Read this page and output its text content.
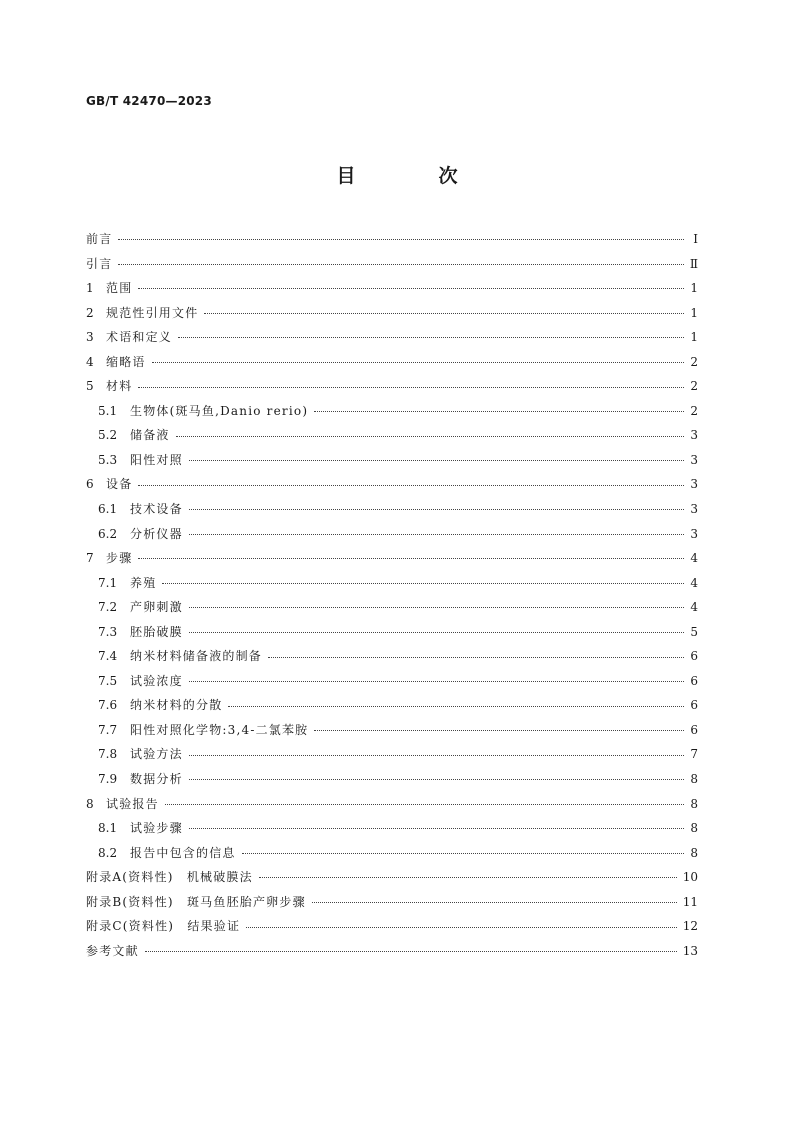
GB/T 42470—2023
目　次
前言	Ⅰ
引言	Ⅱ
1	范围	1
2	规范性引用文件	1
3	术语和定义	1
4	缩略语	2
5	材料	2
5.1	生物体(斑马鱼,Danio rerio)	2
5.2	储备液	3
5.3	阳性对照	3
6	设备	3
6.1	技术设备	3
6.2	分析仪器	3
7	步骤	4
7.1	养殖	4
7.2	产卵刺激	4
7.3	胚胎破膜	5
7.4	纳米材料储备液的制备	6
7.5	试验浓度	6
7.6	纳米材料的分散	6
7.7	阳性对照化学物:3,4-二氯苯胺	6
7.8	试验方法	7
7.9	数据分析	8
8	试验报告	8
8.1	试验步骤	8
8.2	报告中包含的信息	8
附录A(资料性)　机械破膜法	10
附录B(资料性)　斑马鱼胚胎产卵步骤	11
附录C(资料性)　结果验证	12
参考文献	13
